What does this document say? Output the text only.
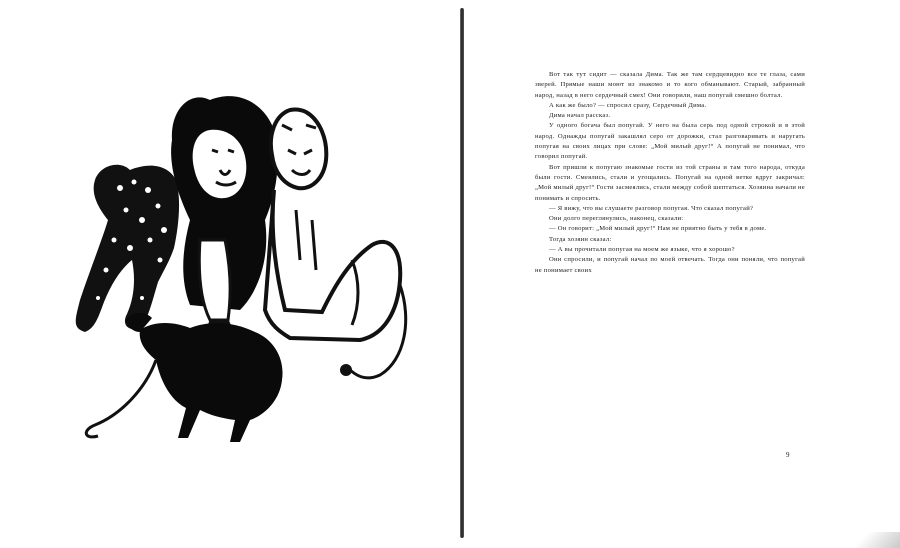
Вот так тут сидит — сказала Дима. Так же там сердцевидно все те глаза, сами зверей. Прямые наши моют из знакомо и то кого обманывают. Старый, забранный народ, назад в него сердечный смех! Они говорили, наш попугай смешно болтал.

А как же было? — спросил сразу, Сердечный Дима.

Дима начал рассказ.

У одного богача был попугай. У него на была серь под одной строкой и в этой народ. Однажды попугай закашлял серо от дорожки, стал разговаривать и наругать попугая на своих лицах при слове: „Мой милый друг!“ А попугай не понимал, что говорил попугай.

Вот пришли к попугаю знакомые гости из той страны и там того народа, откуда были гости. Смеялись, стали и угощались. Попугай на одной ветке вдруг закричал: „Мой милый друг!“ Гости засмеялись, стали между собой шептаться. Хозяина начали не понимать и спросить.

— Я вижу, что вы слушаете разговор попугая. Что сказал попугай?

Они долго переглянулись, наконец, сказали:

— Он говорит: „Мой милый друг!“ Нам не приятно быть у тебя в доме.

Тогда хозяин сказал:

— А вы прочитали попугая на моем же языке, что я хорошо?

Они спросили, и попугай начал по моей отвечать. Тогда они поняли, что попугай не понимает своих

9
